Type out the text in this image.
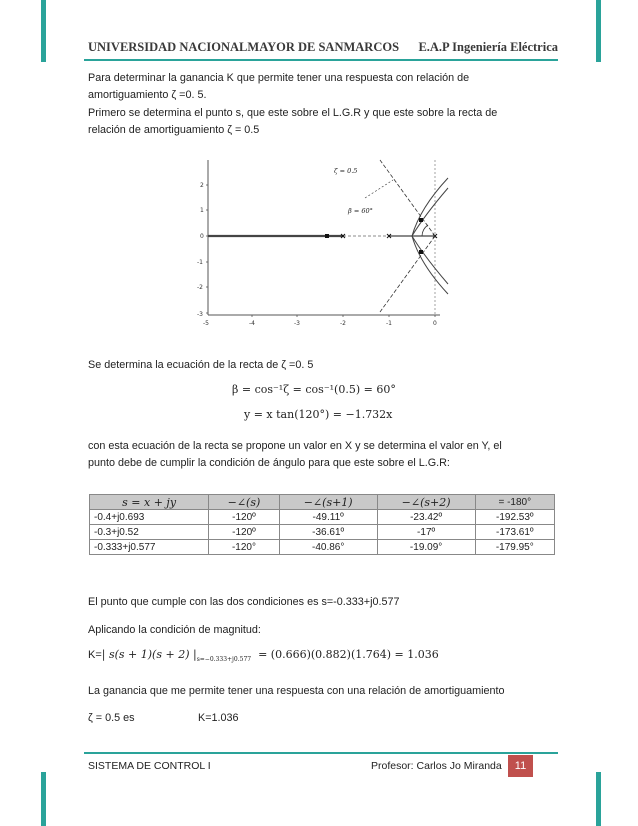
UNIVERSIDAD NACIONALMAYOR DE SANMARCOS E.A.P Ingeniería Eléctrica
Para determinar la ganancia K que permite tener una respuesta con relación de
amortiguamiento ζ =0. 5.
Primero se determina el punto s, que este sobre el L.G.R y que este sobre la recta de
relación de amortiguamiento ζ = 0.5
2
1
0
-1
-2
-3
-5	-4	-3	-2	-1	0
ζ = 0.5
β = 60°
Se determina la ecuación de la recta de ζ =0. 5
β = cos⁻¹ζ = cos⁻¹(0.5) = 60°
y = x tan(120°) = −1.732x
con esta ecuación de la recta se propone un valor en X y se determina el valor en Y, el
punto debe de cumplir la condición de ángulo para que este sobre el L.G.R:
s = x + jy	−∠(s)	−∠(s+1)	−∠(s+2)	= -180°
-0.4+j0.693	-120º	-49.11º	-23.42º	-192.53º
-0.3+j0.52	-120º	-36.61º	-17º	-173.61º
-0.333+j0.577	-120°	-40.86°	-19.09°	-179.95°
El punto que cumple con las dos condiciones es s=-0.333+j0.577
Aplicando la condición de magnitud:
K=| s(s + 1)(s + 2) $|_{s=-0.333+j0.577} = (0.666)(0.882)(1.764) = 1.036$
La ganancia que me permite tener una respuesta con una relación de amortiguamiento
ζ = 0.5 es	K=1.036
SISTEMA DE CONTROL I	Profesor: Carlos Jo Miranda	11
